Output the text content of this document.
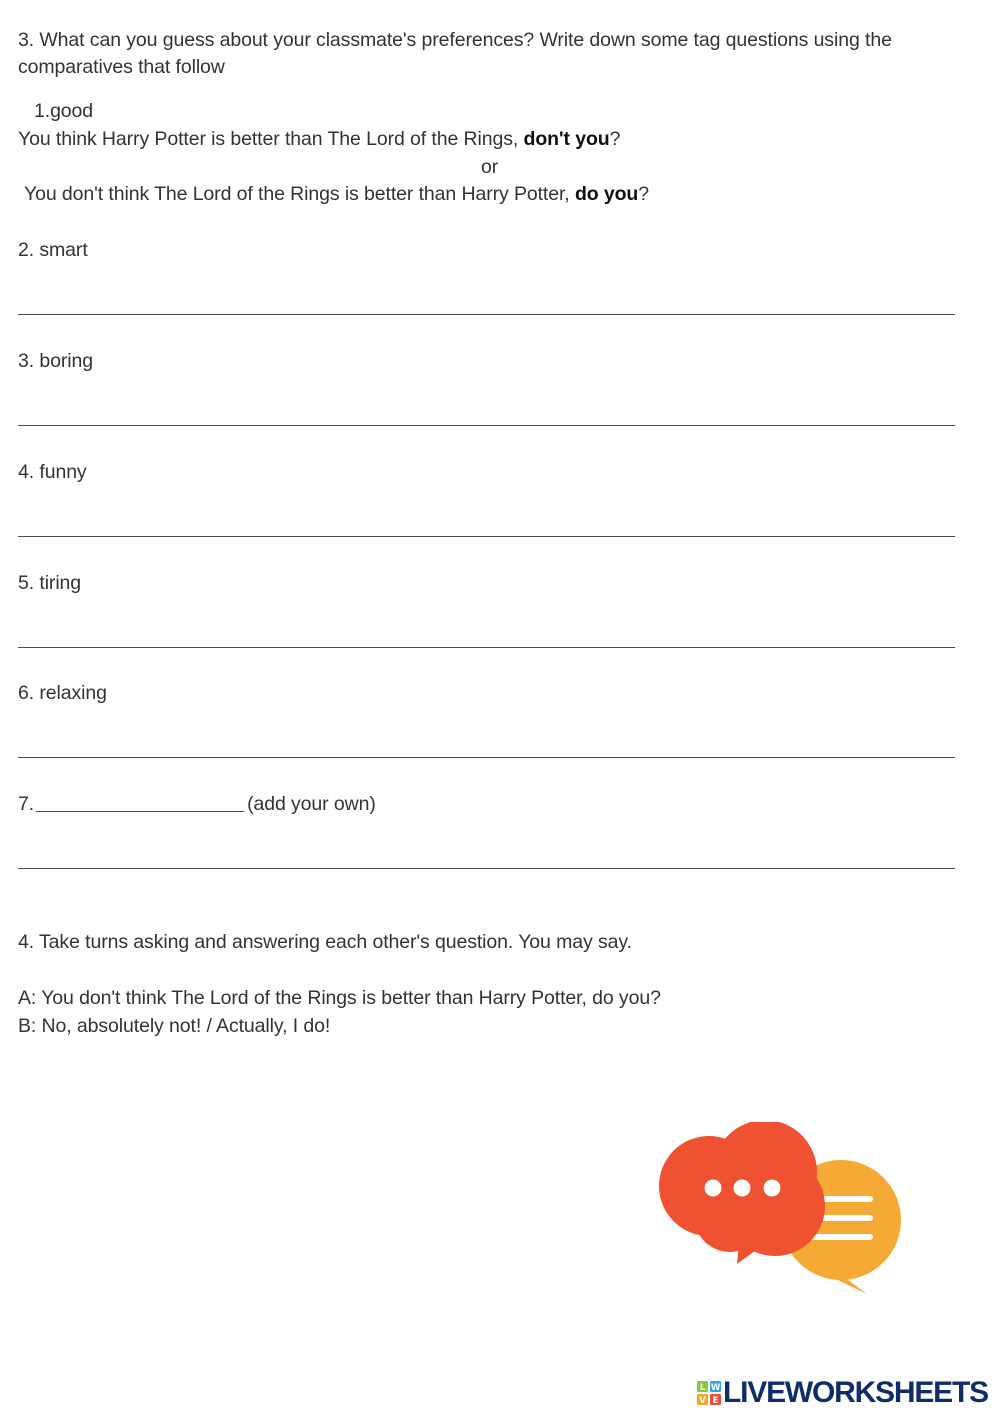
3. What can you guess about your classmate's preferences? Write down some tag questions using the
comparatives that follow
1.good
You think Harry Potter is better than The Lord of the Rings, don't you?
or
You don't think The Lord of the Rings is better than Harry Potter, do you?
2. smart
3. boring
4. funny
5. tiring
6. relaxing
7.	(add your own)
4. Take turns asking and answering each other's question. You may say.
A: You don't think The Lord of the Rings is better than Harry Potter, do you?
B: No, absolutely not! / Actually, I do!
L W
V E LIVEWORKSHEETS
